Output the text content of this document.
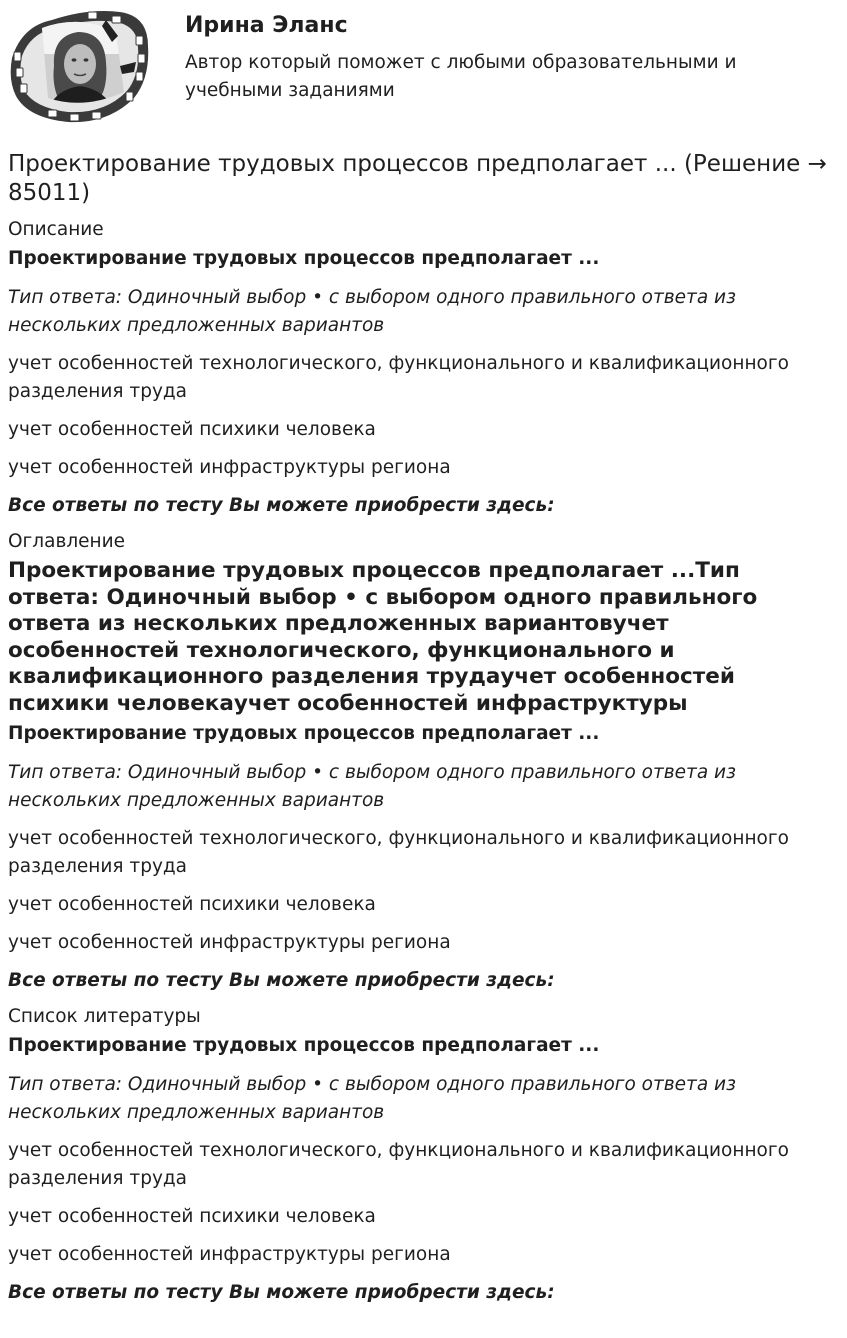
Ирина Эланс

Автор который поможет с любыми образовательными и учебными заданиями

Проектирование трудовых процессов предполагает ... (Решение → 85011)

Описание

Проектирование трудовых процессов предполагает ...

Тип ответа: Одиночный выбор • с выбором одного правильного ответа из нескольких предложенных вариантов

учет особенностей технологического, функционального и квалификационного разделения труда

учет особенностей психики человека

учет особенностей инфраструктуры региона

Все ответы по тесту Вы можете приобрести здесь:

Оглавление

Проектирование трудовых процессов предполагает ...Тип ответа: Одиночный выбор • с выбором одного правильного ответа из нескольких предложенных вариантовучет особенностей технологического, функционального и квалификационного разделения трудаучет особенностей психики человекаучет особенностей инфраструктуры

Проектирование трудовых процессов предполагает ...

Тип ответа: Одиночный выбор • с выбором одного правильного ответа из нескольких предложенных вариантов

учет особенностей технологического, функционального и квалификационного разделения труда

учет особенностей психики человека

учет особенностей инфраструктуры региона

Все ответы по тесту Вы можете приобрести здесь:

Список литературы

Проектирование трудовых процессов предполагает ...

Тип ответа: Одиночный выбор • с выбором одного правильного ответа из нескольких предложенных вариантов

учет особенностей технологического, функционального и квалификационного разделения труда

учет особенностей психики человека

учет особенностей инфраструктуры региона

Все ответы по тесту Вы можете приобрести здесь:
